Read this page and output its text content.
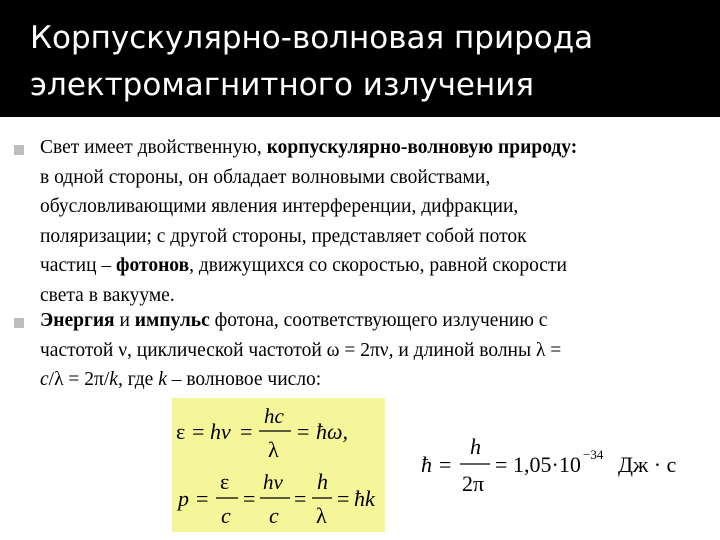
Корпускулярно-волновая природа
электромагнитного излучения

Свет имеет двойственную, корпускулярно-волновую природу:

в одной стороны, он обладает волновыми свойствами,

обусловливающими явления интерференции, дифракции,

поляризации; с другой стороны, представляет собой поток

частиц – фотонов, движущихся со скоростью, равной скорости

света в вакууме.

Энергия и импульс фотона, соответствующего излучению с

частотой ν, циклической частотой ω = 2πν, и длиной волны λ =

c/λ = 2π/k, где k – волновое число:

ε = hν =
hc
λ
= ħω,
p =
ε
c
=
hν
c
=
h
λ
= ħk
ħ =
h
2π
= 1,05·10 −34 Дж · с
